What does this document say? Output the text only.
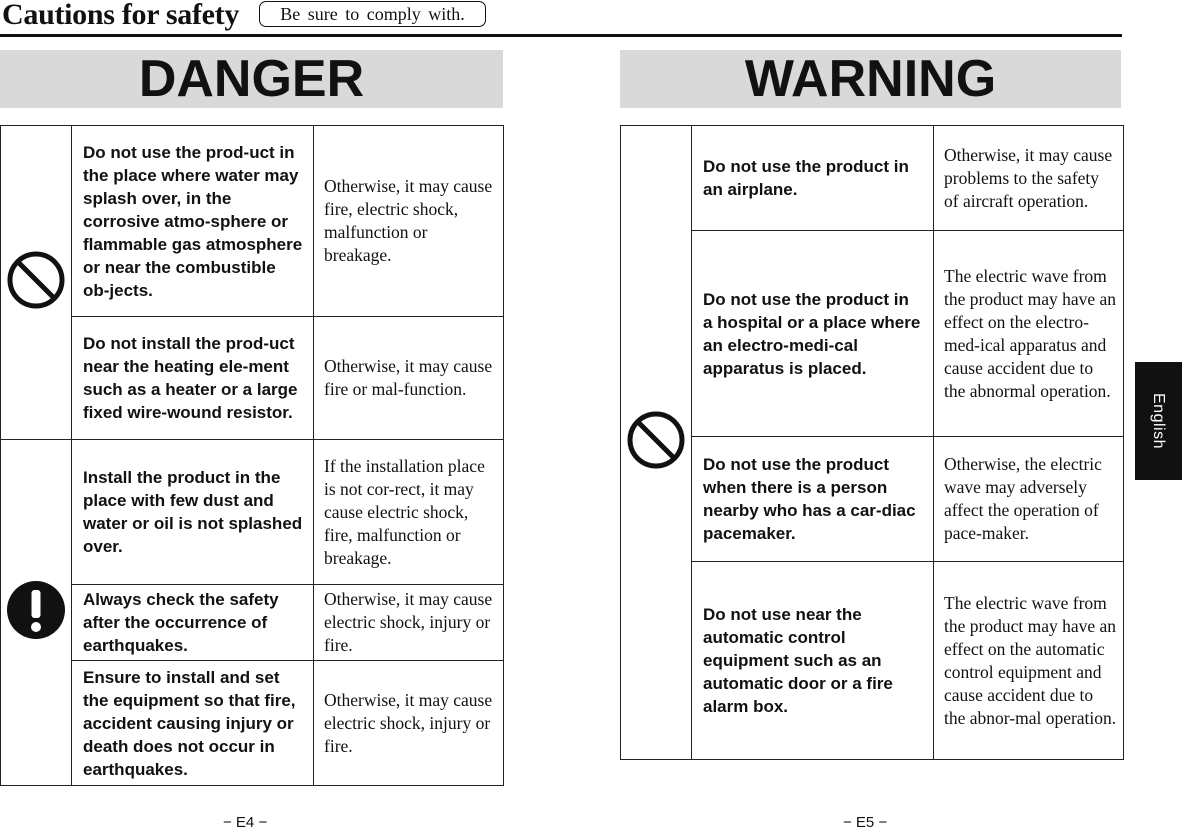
Cautions for safety	Be sure to comply with.
DANGER	WARNING
	Do not use the prod-uct in the place where water may splash over, in the corrosive atmo-sphere or flammable gas atmosphere or near the combustible ob-jects.	Otherwise, it may cause fire, electric shock, malfunction or breakage.
	Do not install the prod-uct near the heating ele-ment such as a heater or a large fixed wire-wound resistor.	Otherwise, it may cause fire or mal-function.
	Install the product in the place with few dust and water or oil is not splashed over.	If the installation place is not cor-rect, it may cause electric shock, fire, malfunction or breakage.
	Always check the safety after the occurrence of earthquakes.	Otherwise, it may cause electric shock, injury or fire.
	Ensure to install and set the equipment so that fire, accident causing injury or death does not occur in earthquakes.	Otherwise, it may cause electric shock, injury or fire.
	Do not use the product in an airplane.	Otherwise, it may cause problems to the safety of aircraft operation.
	Do not use the product in a hospital or a place where an electro-medi-cal apparatus is placed.	The electric wave from the product may have an effect on the electro-med-ical apparatus and cause accident due to the abnormal operation.
	Do not use the product when there is a person nearby who has a car-diac pacemaker.	Otherwise, the electric wave may adversely affect the operation of pace-maker.
	Do not use near the automatic control equipment such as an automatic door or a fire alarm box.	The electric wave from the product may have an effect on the automatic control equipment and cause accident due to the abnor-mal operation.
English
− E4 −	− E5 −
